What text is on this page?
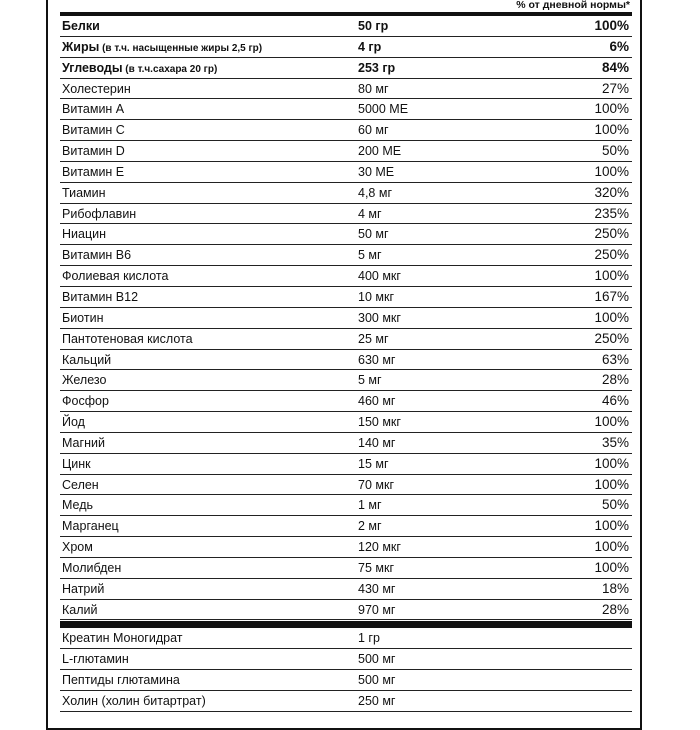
% от дневной нормы*
Белки	50 гр	100%
Жиры (в т.ч. насыщенные жиры 2,5 гр)	4 гр	6%
Углеводы (в т.ч.сахара 20 гр)	253 гр	84%
Холестерин	80 мг	27%
Витамин А	5000 МЕ	100%
Витамин С	60 мг	100%
Витамин D	200 МЕ	50%
Витамин Е	30 МЕ	100%
Тиамин	4,8 мг	320%
Рибофлавин	4 мг	235%
Ниацин	50 мг	250%
Витамин В6	5 мг	250%
Фолиевая кислота	400 мкг	100%
Витамин В12	10 мкг	167%
Биотин	300 мкг	100%
Пантотеновая кислота	25 мг	250%
Кальций	630 мг	63%
Железо	5 мг	28%
Фосфор	460 мг	46%
Йод	150 мкг	100%
Магний	140 мг	35%
Цинк	15 мг	100%
Селен	70 мкг	100%
Медь	1 мг	50%
Марганец	2 мг	100%
Хром	120 мкг	100%
Молибден	75 мкг	100%
Натрий	430 мг	18%
Калий	970 мг	28%
Креатин Моногидрат	1 гр
L-глютамин	500 мг
Пептиды глютамина	500 мг
Холин (холин битартрат)	250 мг
